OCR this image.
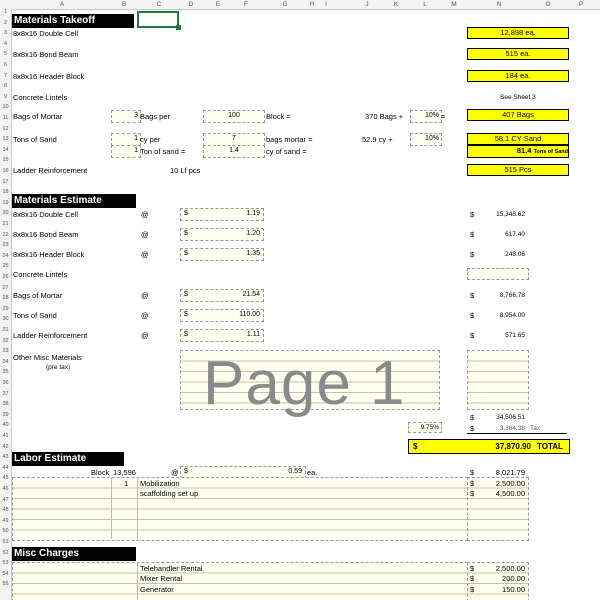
A	B	C	D	E	F	G	H I	J	K	L	M	N	O	P
1
2
3
4
5
6
7
8
9
10
11
12
13
14
15
16
17
18
19
20
21
22
23
24
25
26
27
28
29
30
31
32
33
34
35
36
37
38
39
40
41
42
43
44
45
46
47
48
49
50
51
52
53
54
55
Materials Takeoff
8x8x16 Double Cell	12,898 ea.
8x8x16 Bond Beam	515 ea.
8x8x16 Header Block	184 ea.
Concrete Lintels	See Sheet 3
Bags of Mortar	3 Bags per	100	Block =	370 Bags +	10% =	407 Bags
Tons of Sand	1 cy per	7	bags mortar =	52.9 cy +	10%	58.1 CY Sand
1 Ton of sand =	1.4	cy of sand =	81.4 Tons of Sand
Ladder Reinforcement	10 Lf pcs	515 Pcs
Materials Estimate
8x8x16 Double Cell	@	$	1.19	$	15,348.62
8x8x16 Bond Beam	@	$	1.20	$	617.40
8x8x16 Header Block	@	$	1.35	$	248.06
Concrete Lintels
Bags of Mortar	@	$	21.54	$	8,766.78
Tons of Sand	@	$	110.00	$	8,954.00
Ladder Reinforcement	@	$	1.11	$	571.65
Other Misc Materials
(pre tax) Page 1	$	34,506.51
9.75%	$	3,364.38 Tax
$	37,870.90 TOTAL
Labor Estimate
Block 13,596	@ $	0.59 ea.	$	8,021.79
1 Mobilization	$	2,500.00
scaffolding set up	$	4,500.00
Misc Charges
Telehandler Rental	$	2,500.00
Mixer Rental	$	200.00
Generator	$	150.00
